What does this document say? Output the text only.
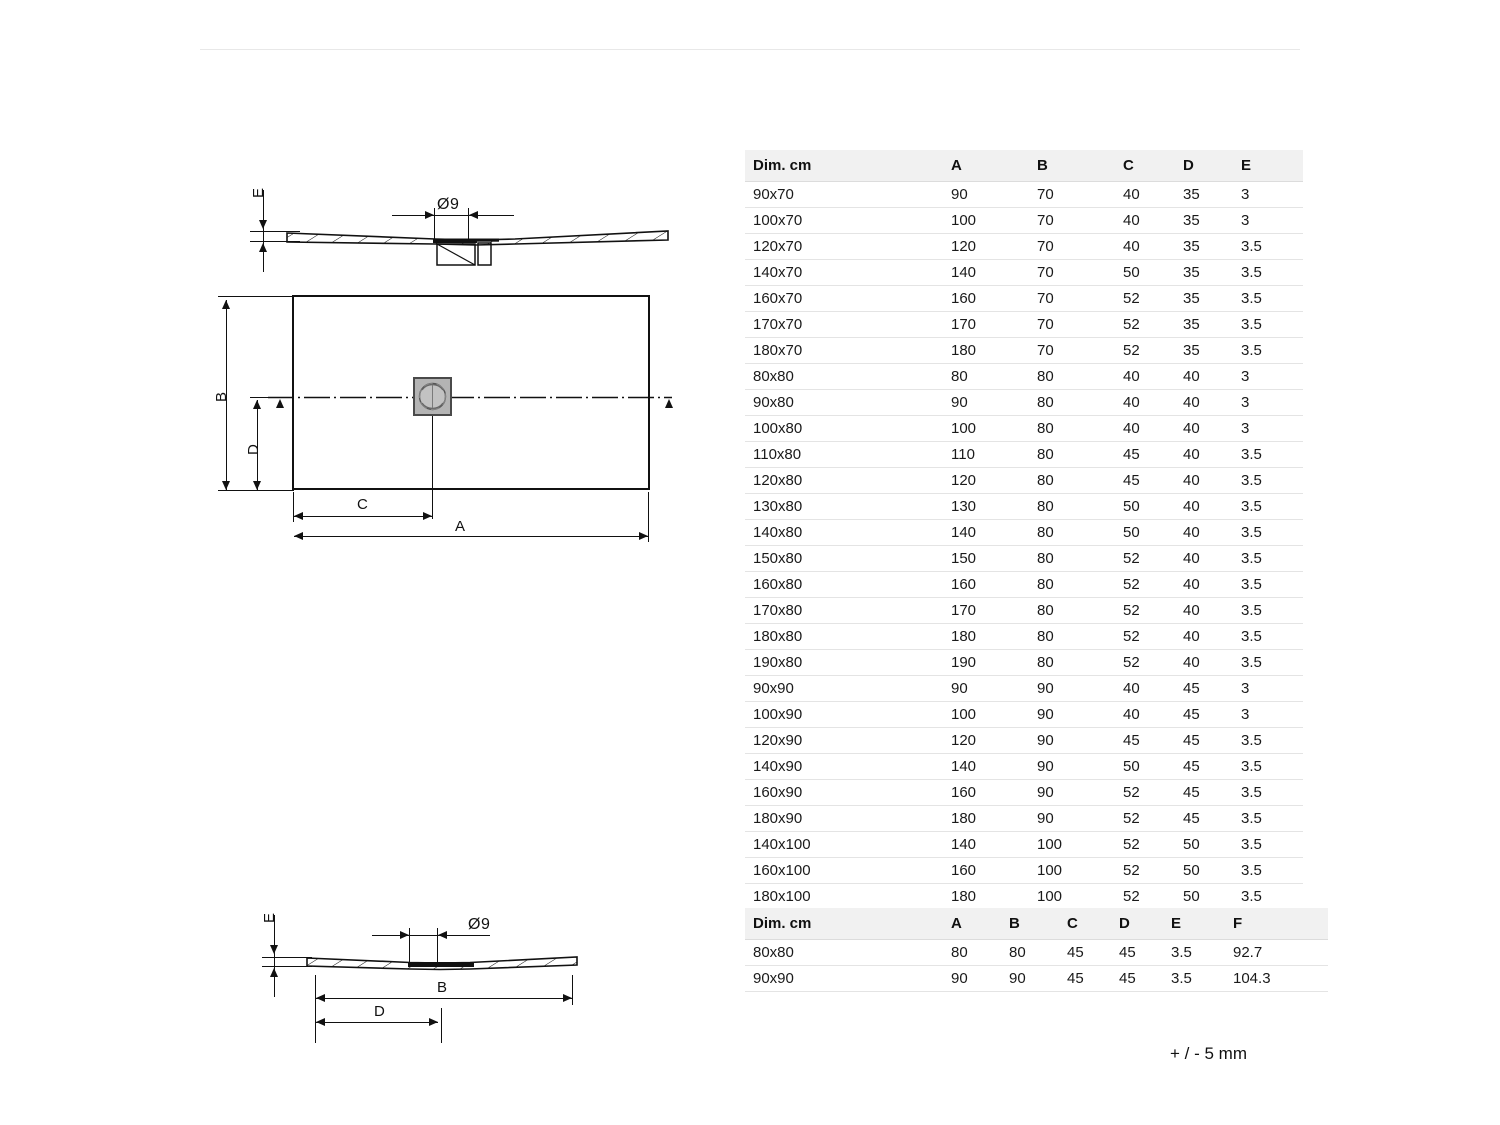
E
Ø9
B
D
C
A
E	Ø9
B
D
Dim. cm	A	B	C	D	E
90x70	90	70	40	35	3
100x70	100	70	40	35	3
120x70	120	70	40	35	3.5
140x70	140	70	50	35	3.5
160x70	160	70	52	35	3.5
170x70	170	70	52	35	3.5
180x70	180	70	52	35	3.5
80x80	80	80	40	40	3
90x80	90	80	40	40	3
100x80	100	80	40	40	3
110x80	110	80	45	40	3.5
120x80	120	80	45	40	3.5
130x80	130	80	50	40	3.5
140x80	140	80	50	40	3.5
150x80	150	80	52	40	3.5
160x80	160	80	52	40	3.5
170x80	170	80	52	40	3.5
180x80	180	80	52	40	3.5
190x80	190	80	52	40	3.5
90x90	90	90	40	45	3
100x90	100	90	40	45	3
120x90	120	90	45	45	3.5
140x90	140	90	50	45	3.5
160x90	160	90	52	45	3.5
180x90	180	90	52	45	3.5
140x100	140	100	52	50	3.5
160x100	160	100	52	50	3.5
180x100	180	100	52	50	3.5
Dim. cm	A	B	C	D	E	F
80x80	80	80	45	45	3.5	92.7
90x90	90	90	45	45	3.5	104.3
+ / - 5 mm
